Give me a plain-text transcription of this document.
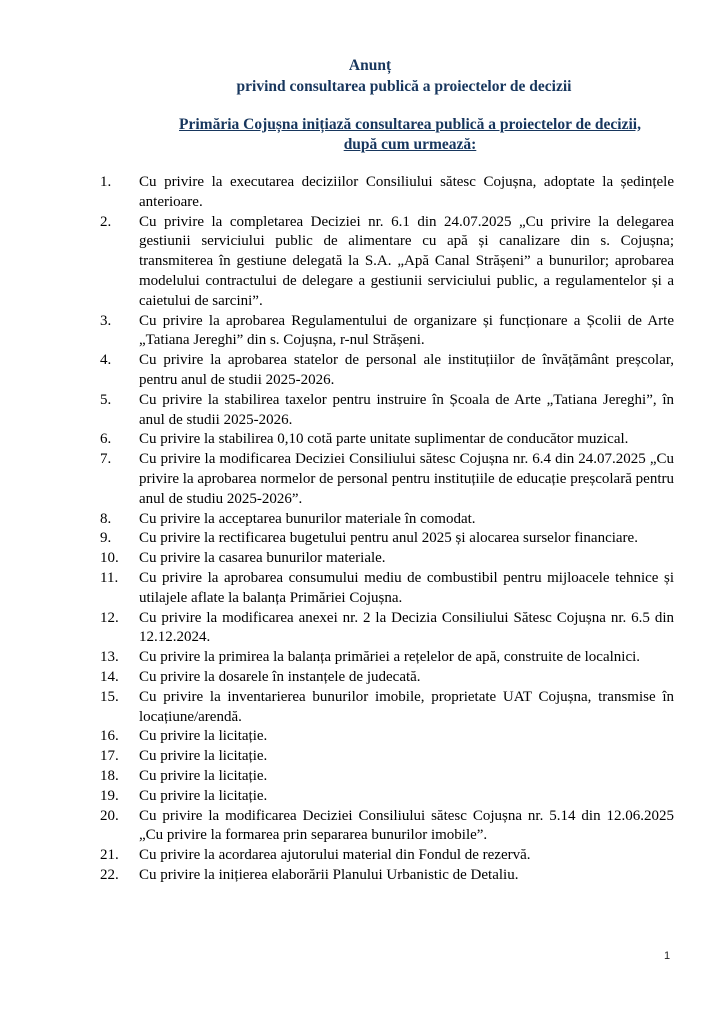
Anunț
privind consultarea publică a proiectelor de decizii
Primăria Cojușna inițiază consultarea publică a proiectelor de decizii,
după cum urmează:
1.	Cu privire la executarea deciziilor Consiliului sătesc Cojușna, adoptate la ședințele anterioare.
2.	Cu privire la completarea Deciziei nr. 6.1 din 24.07.2025 „Cu privire la delegarea gestiunii serviciului public de alimentare cu apă și canalizare din s. Cojușna; transmiterea în gestiune delegată la S.A. „Apă Canal Strășeni” a bunurilor; aprobarea modelului contractului de delegare a gestiunii serviciului public, a regulamentelor și a caietului de sarcini”.
3.	Cu privire la aprobarea Regulamentului de organizare și funcționare a Școlii de Arte „Tatiana Jereghi” din s. Cojușna, r-nul Strășeni.
4.	Cu privire la aprobarea statelor de personal ale instituțiilor de învățământ preșcolar, pentru anul de studii 2025-2026.
5.	Cu privire la stabilirea taxelor pentru instruire în Școala de Arte „Tatiana Jereghi”, în anul de studii 2025-2026.
6.	Cu privire la stabilirea 0,10 cotă parte unitate suplimentar de conducător muzical.
7.	Cu privire la modificarea Deciziei Consiliului sătesc Cojușna nr. 6.4 din 24.07.2025 „Cu privire la aprobarea normelor de personal pentru instituțiile de educație preșcolară pentru anul de studiu 2025-2026”.
8.	Cu privire la acceptarea bunurilor materiale în comodat.
9.	Cu privire la rectificarea bugetului pentru anul 2025 și alocarea surselor financiare.
10.	Cu privire la casarea bunurilor materiale.
11.	Cu privire la aprobarea consumului mediu de combustibil pentru mijloacele tehnice și utilajele aflate la balanța Primăriei Cojușna.
12.	Cu privire la modificarea anexei nr. 2 la Decizia Consiliului Sătesc Cojușna nr. 6.5 din 12.12.2024.
13.	Cu privire la primirea la balanța primăriei a rețelelor de apă, construite de localnici.
14.	Cu privire la dosarele în instanțele de judecată.
15.	Cu privire la inventarierea bunurilor imobile, proprietate UAT Cojușna, transmise în locațiune/arendă.
16.	Cu privire la licitație.
17.	Cu privire la licitație.
18.	Cu privire la licitație.
19.	Cu privire la licitație.
20.	Cu privire la modificarea Deciziei Consiliului sătesc Cojușna nr. 5.14 din 12.06.2025 „Cu privire la formarea prin separarea bunurilor imobile”.
21.	Cu privire la acordarea ajutorului material din Fondul de rezervă.
22.	Cu privire la inițierea elaborării Planului Urbanistic de Detaliu.
1
